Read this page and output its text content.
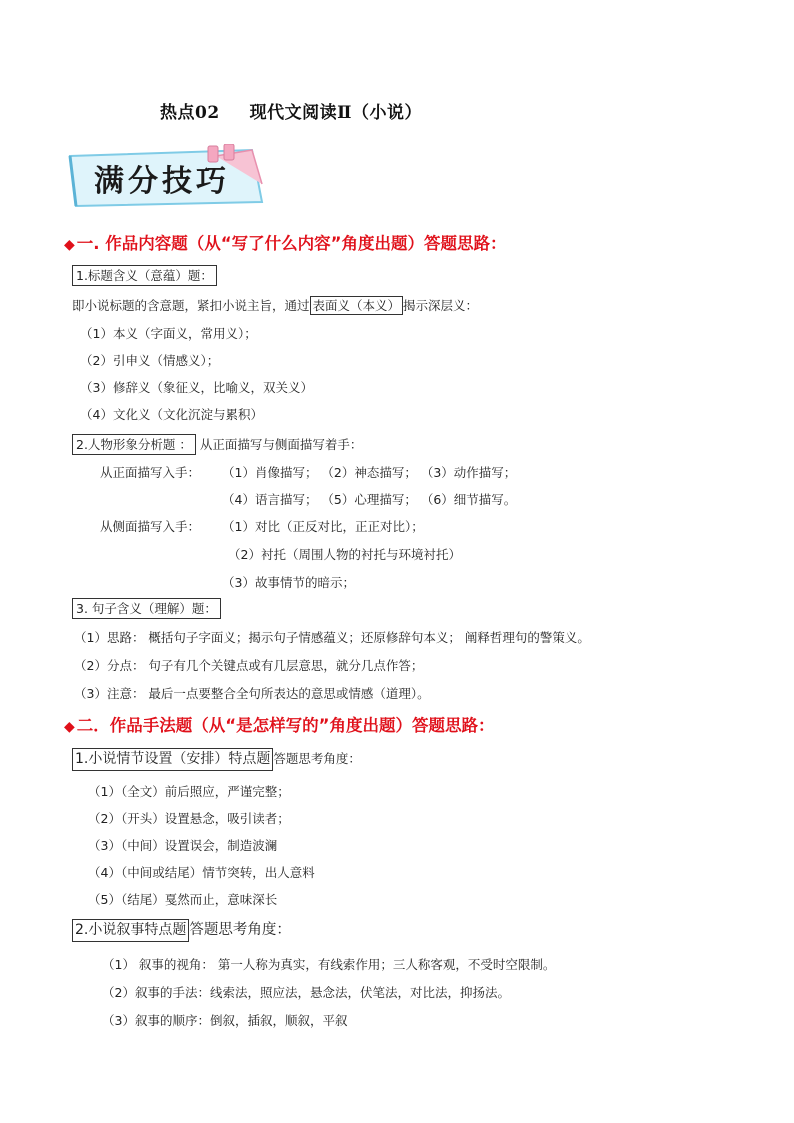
热点02 现代文阅读Ⅱ（小说）
满分技巧
◆ 一. 作品内容题（从“写了什么内容”角度出题）答题思路：
1.标题含义（意蕴）题：
即小说标题的含意题，紧扣小说主旨，通过 表面义（本义） 揭示深层义：
（1）本义（字面义，常用义）；
（2）引申义（情感义）；
（3）修辞义（象征义，比喻义，双关义）
（4）文化义（文化沉淀与累积）
2.人物形象分析题 ： 从正面描写与侧面描写着手：
从正面描写入手： （1）肖像描写； （2）神态描写； （3）动作描写；
（4）语言描写； （5）心理描写； （6）细节描写。
从侧面描写入手： （1）对比（正反对比，正正对比）；
（2）衬托（周围人物的衬托与环境衬托）
（3）故事情节的暗示；
3. 句子含义（理解）题：
（1）思路： 概括句子字面义；揭示句子情感蕴义；还原修辞句本义； 阐释哲理句的警策义。
（2）分点： 句子有几个关键点或有几层意思，就分几点作答；
（3）注意： 最后一点要整合全句所表达的意思或情感（道理）。
◆ 二．作品手法题（从“是怎样写的”角度出题）答题思路：
1.小说情节设置（安排）特点题 答题思考角度：
（1）（全文）前后照应，严谨完整；
（2）（开头）设置悬念，吸引读者；
（3）（中间）设置误会，制造波澜
（4）（中间或结尾）情节突转，出人意料
（5）（结尾）戛然而止，意味深长
2.小说叙事特点题 答题思考角度：
（1） 叙事的视角： 第一人称为真实，有线索作用；三人称客观，不受时空限制。
（2）叙事的手法：线索法，照应法，悬念法，伏笔法，对比法，抑扬法。
（3）叙事的顺序：倒叙，插叙，顺叙，平叙
